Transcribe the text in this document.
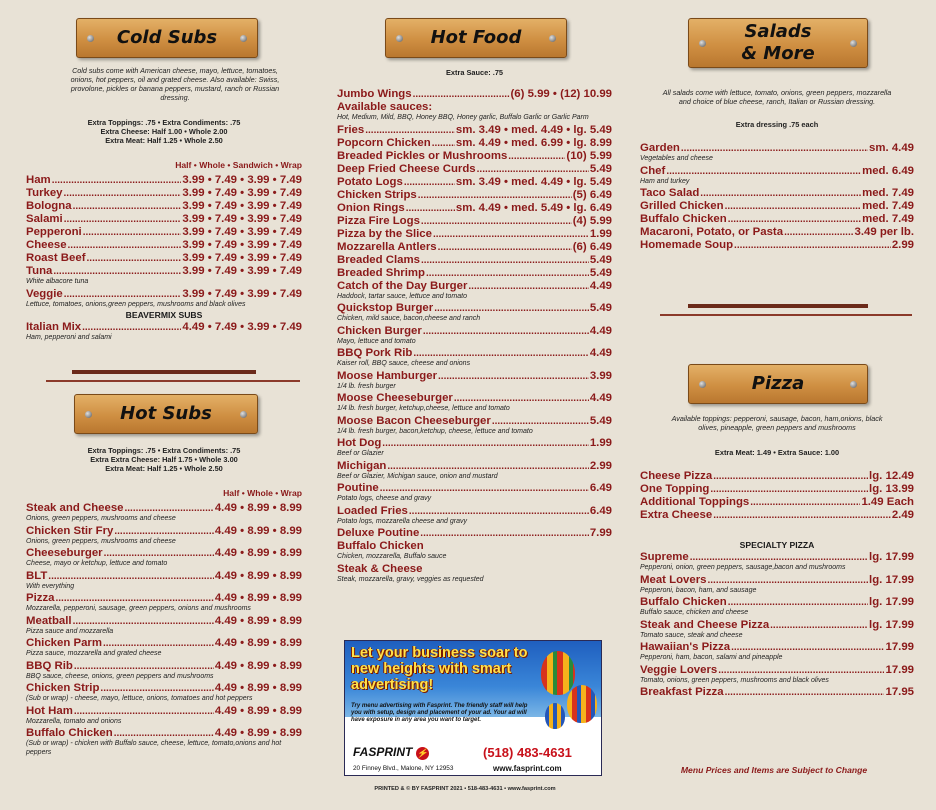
Cold Subs
Cold subs come with American cheese, mayo, lettuce, tomatoes, onions, hot peppers, oil and grated cheese. Also available: Swiss, provolone, pickles or banana peppers, mustard, ranch or Russian dressing.
Extra Toppings: .75 • Extra Condiments: .75
Extra Cheese: Half 1.00 • Whole 2.00
Extra Meat: Half 1.25 • Whole 2.50
Half • Whole • Sandwich • Wrap
Ham .....	3.99 • 7.49 • 3.99 • 7.49
Turkey .....	3.99 • 7.49 • 3.99 • 7.49
Bologna .....	3.99 • 7.49 • 3.99 • 7.49
Salami .....	3.99 • 7.49 • 3.99 • 7.49
Pepperoni .....	3.99 • 7.49 • 3.99 • 7.49
Cheese .....	3.99 • 7.49 • 3.99 • 7.49
Roast Beef .....	3.99 • 7.49 • 3.99 • 7.49
Tuna .....	3.99 • 7.49 • 3.99 • 7.49
White albacore tuna
Veggie .....	3.99 • 7.49 • 3.99 • 7.49
Lettuce, tomatoes, onions,green peppers, mushrooms and black olives
BEAVERMIX SUBS
Italian Mix .....	4.49 • 7.49 • 3.99 • 7.49
Ham, pepperoni and salami
Hot Subs
Extra Toppings: .75 • Extra Condiments: .75
Extra Extra Cheese: Half 1.75 • Whole 3.00
Extra Meat: Half 1.25 • Whole 2.50
Half • Whole • Wrap
Steak and Cheese .....	4.49 • 8.99 • 8.99
Onions, green peppers, mushrooms and cheese
Chicken Stir Fry .....	4.49 • 8.99 • 8.99
Onions, green peppers, mushrooms and cheese
Cheeseburger .....	4.49 • 8.99 • 8.99
Cheese, mayo or ketchup, lettuce and tomato
BLT .....	4.49 • 8.99 • 8.99
With everything
Pizza .....	4.49 • 8.99 • 8.99
Mozzarella, pepperoni, sausage, green peppers, onions and mushrooms
Meatball .....	4.49 • 8.99 • 8.99
Pizza sauce and mozzarella
Chicken Parm .....	4.49 • 8.99 • 8.99
Pizza sauce, mozzarella and grated cheese
BBQ Rib .....	4.49 • 8.99 • 8.99
BBQ sauce, cheese, onions, green peppers and mushrooms
Chicken Strip .....	4.49 • 8.99 • 8.99
(Sub or wrap) - cheese, mayo, lettuce, onions, tomatoes and hot peppers
Hot Ham .....	4.49 • 8.99 • 8.99
Mozzarella, tomato and onions
Buffalo Chicken .....	4.49 • 8.99 • 8.99
(Sub or wrap) - chicken with Buffalo sauce, cheese, lettuce, tomato,onions and hot peppers
Hot Food
Extra Sauce: .75
Jumbo Wings .....	(6) 5.99 • (12) 10.99
Available sauces:
Hot, Medium, Mild, BBQ, Honey BBQ, Honey garlic, Buffalo Garlic or Garlic Parm
Fries .....	sm. 3.49 • med. 4.49 • lg. 5.49
Popcorn Chicken ..... sm. 4.49 • med. 6.99 • lg. 8.99
Breaded Pickles or Mushrooms .....	(10) 5.99
Deep Fried Cheese Curds .....	5.49
Potato Logs .....	sm. 3.49 • med. 4.49 • lg. 5.49
Chicken Strips .....	(5) 6.49
Onion Rings .....	sm. 4.49 • med. 5.49 • lg. 6.49
Pizza Fire Logs .....	(4) 5.99
Pizza by the Slice .....	1.99
Mozzarella Antlers .....	(6) 6.49
Breaded Clams .....	5.49
Breaded Shrimp .....	5.49
Catch of the Day Burger .....	4.49
Haddock, tartar sauce, lettuce and tomato
Quickstop Burger .....	5.49
Chicken, mild sauce, bacon,cheese and ranch
Chicken Burger .....	4.49
Mayo, lettuce and tomato
BBQ Pork Rib .....	4.49
Kaiser roll, BBQ sauce, cheese and onions
Moose Hamburger .....	3.99
1/4 lb. fresh burger
Moose Cheeseburger .....	4.49
1/4 lb. fresh burger, ketchup,cheese, lettuce and tomato
Moose Bacon Cheeseburger .....	5.49
1/4 lb. fresh burger, bacon,ketchup, cheese, lettuce and tomato
Hot Dog .....	1.99
Beef or Glazier
Michigan .....	2.99
Beef or Glazier, Michigan sauce, onion and mustard
Poutine .....	6.49
Potato logs, cheese and gravy
Loaded Fries .....	6.49
Potato logs, mozzarella cheese and gravy
Deluxe Poutine .....	7.99
Buffalo Chicken
Chicken, mozzarella, Buffalo sauce
Steak & Cheese
Steak, mozzarella, gravy, veggies as requested
Let your business soar to new heights with smart advertising!
Try menu advertising with Fasprint. The friendly staff will help you with setup, design and placement of your ad. Your ad will have exposure in any area you want to target.
FASPRINT ⚡	(518) 483-4631
20 Finney Blvd., Malone, NY 12953	www.fasprint.com
PRINTED & © BY FASPRINT 2021 • 518-483-4631 • www.fasprint.com
Salads
& More
All salads come with lettuce, tomato, onions, green peppers, mozzarella and choice of blue cheese, ranch, Italian or Russian dressing.
Extra dressing .75 each
Garden .....	sm. 4.49
Vegetables and cheese
Chef .....	med. 6.49
Ham and turkey
Taco Salad .....	med. 7.49
Grilled Chicken .....	med. 7.49
Buffalo Chicken .....	med. 7.49
Macaroni, Potato, or Pasta .....	3.49 per lb.
Homemade Soup .....	2.99
Pizza
Available toppings: pepperoni, sausage, bacon, ham,onions, black olives, pineapple, green peppers and mushrooms
Extra Meat: 1.49 • Extra Sauce: 1.00
Cheese Pizza .....	lg. 12.49
One Topping .....	lg. 13.99
Additional Toppings .....	1.49 Each
Extra Cheese .....	2.49
SPECIALTY PIZZA
Supreme .....	lg. 17.99
Pepperoni, onion, green peppers, sausage,bacon and mushrooms
Meat Lovers .....	lg. 17.99
Pepperoni, bacon, ham, and sausage
Buffalo Chicken .....	lg. 17.99
Buffalo sauce, chicken and cheese
Steak and Cheese Pizza .....	lg. 17.99
Tomato sauce, steak and cheese
Hawaiian's Pizza .....	17.99
Pepperoni, ham, bacon, salami and pineapple
Veggie Lovers .....	17.99
Tomato, onions, green peppers, mushrooms and black olives
Breakfast Pizza .....	17.95
Menu Prices and Items are Subject to Change
